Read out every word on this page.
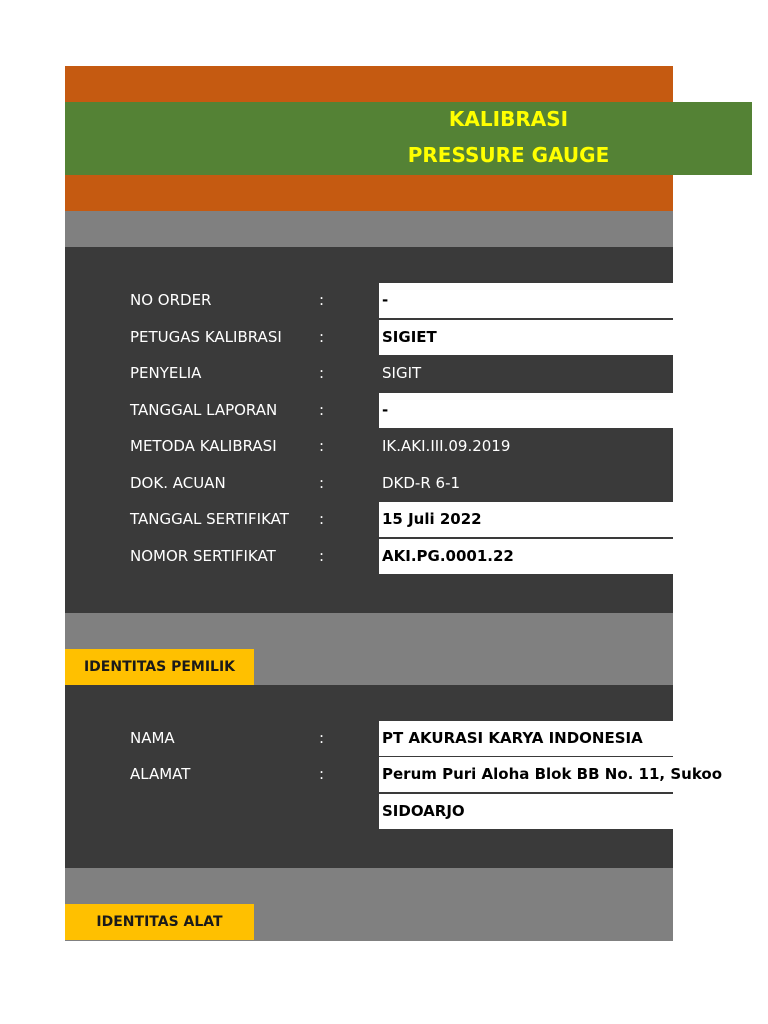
KALIBRASI
PRESSURE GAUGE
NO ORDER	:	-
PETUGAS KALIBRASI :	SIGIET
PENYELIA	:	SIGIT
TANGGAL LAPORAN	:	-
METODA KALIBRASI	:	IK.AKI.III.09.2019
DOK. ACUAN	:	DKD-R 6-1
TANGGAL SERTIFIKAT :	15 Juli 2022
NOMOR SERTIFIKAT	:	AKI.PG.0001.22
IDENTITAS PEMILIK
NAMA	:	PT AKURASI KARYA INDONESIA
ALAMAT	:	Perum Puri Aloha Blok BB No. 11, Sukoo
SIDOARJO
IDENTITAS ALAT
